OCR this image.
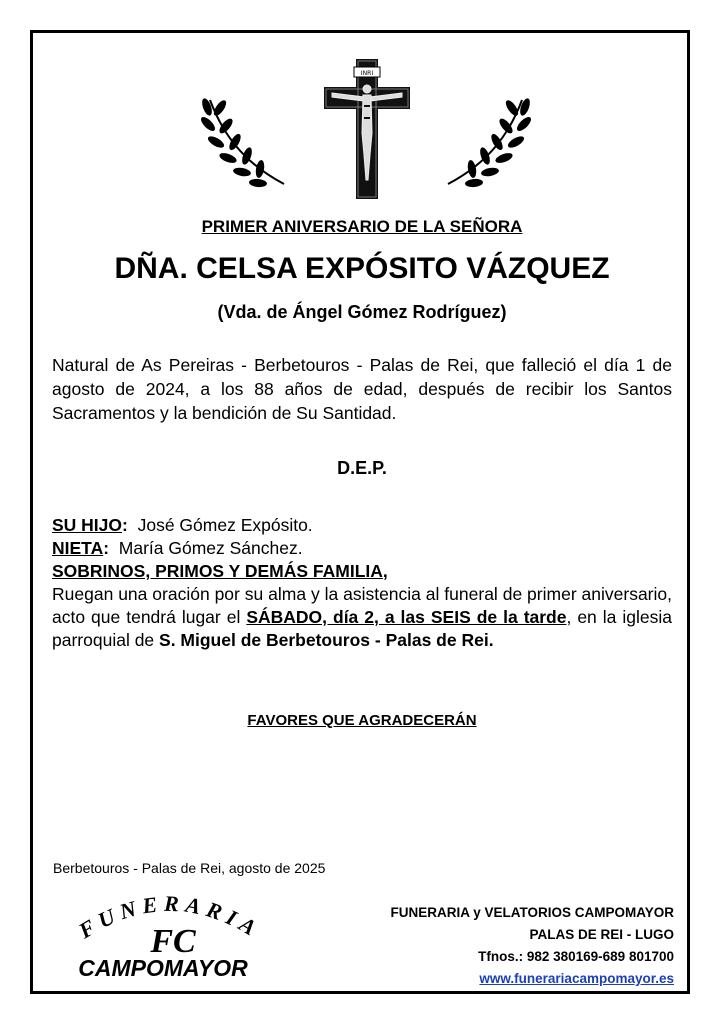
INRI
PRIMER ANIVERSARIO DE LA SEÑORA
DÑA. CELSA EXPÓSITO VÁZQUEZ
(Vda. de Ángel Gómez Rodríguez)
Natural de As Pereiras - Berbetouros - Palas de Rei, que falleció el día 1 de agosto de 2024, a los 88 años de edad, después de recibir los Santos Sacramentos y la bendición de Su Santidad.
D.E.P.
SU HIJO: José Gómez Expósito.
NIETA: María Gómez Sánchez.
SOBRINOS, PRIMOS Y DEMÁS FAMILIA,
Ruegan una oración por su alma y la asistencia al funeral de primer aniversario, acto que tendrá lugar el SÁBADO, día 2, a las SEIS de la tarde, en la iglesia parroquial de S. Miguel de Berbetouros - Palas de Rei.
FAVORES QUE AGRADECERÁN
Berbetouros - Palas de Rei, agosto de 2025
FUNERARIA
FC
CAMPOMAYOR
FUNERARIA y VELATORIOS CAMPOMAYOR
PALAS DE REI - LUGO
Tfnos.: 982 380169-689 801700
www.funerariacampomayor.es
